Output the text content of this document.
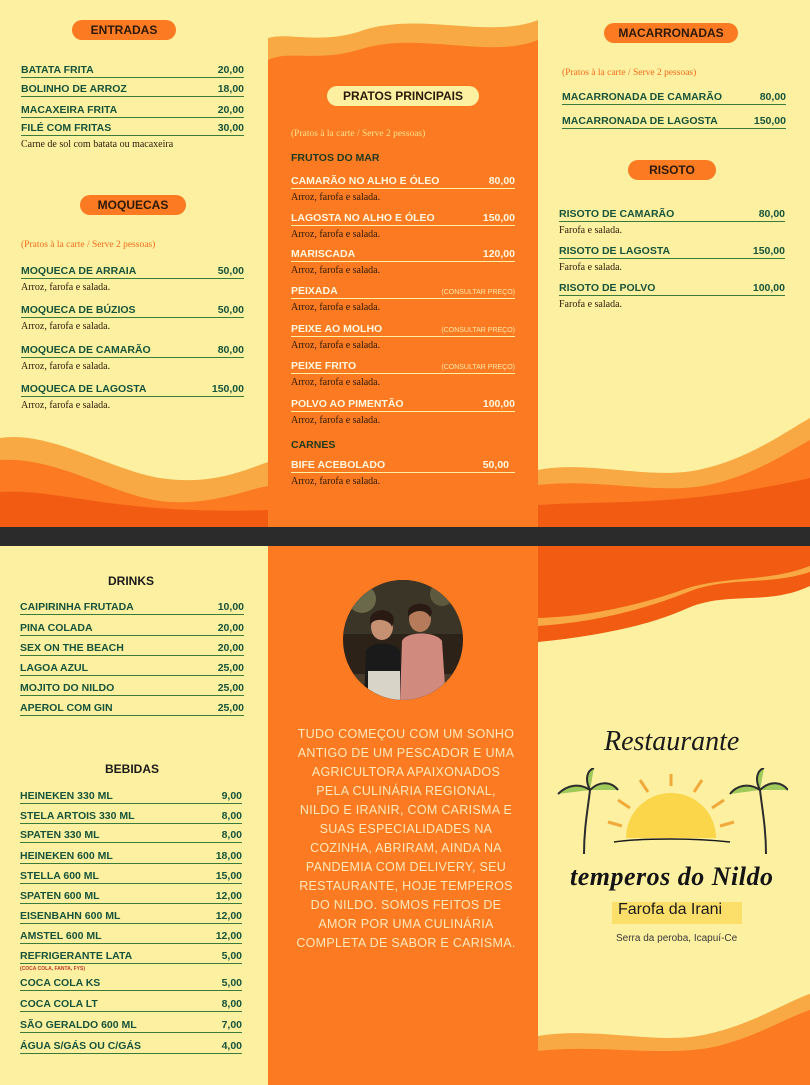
ENTRADAS
BATATA FRITA	20,00
BOLINHO DE ARROZ	18,00
MACAXEIRA FRITA	20,00
FILÉ COM FRITAS	30,00
Carne de sol com batata ou macaxeira
MOQUECAS
(Pratos à la carte / Serve 2 pessoas)
MOQUECA DE ARRAIA	50,00
Arroz, farofa e salada.
MOQUECA DE BÚZIOS	50,00
Arroz, farofa e salada.
MOQUECA DE CAMARÃO	80,00
Arroz, farofa e salada.
MOQUECA DE LAGOSTA	150,00
Arroz, farofa e salada.
PRATOS PRINCIPAIS
(Pratos à la carte / Serve 2 pessoas)
FRUTOS DO MAR
CAMARÃO NO ALHO E ÓLEO	80,00
Arroz, farofa e salada.
LAGOSTA NO ALHO E ÓLEO	150,00
Arroz, farofa e salada.
MARISCADA	120,00
Arroz, farofa e salada.
PEIXADA	(CONSULTAR PREÇO)
Arroz, farofa e salada.
PEIXE AO MOLHO	(CONSULTAR PREÇO)
Arroz, farofa e salada.
PEIXE FRITO	(CONSULTAR PREÇO)
Arroz, farofa e salada.
POLVO AO PIMENTÃO	100,00
Arroz, farofa e salada.
CARNES
BIFE ACEBOLADO	50,00
Arroz, farofa e salada.
MACARRONADAS
(Pratos à la carte / Serve 2 pessoas)
MACARRONADA DE CAMARÃO	80,00
MACARRONADA DE LAGOSTA	150,00
RISOTO
RISOTO DE CAMARÃO	80,00
Farofa e salada.
RISOTO DE LAGOSTA	150,00
Farofa e salada.
RISOTO DE POLVO	100,00
Farofa e salada.
DRINKS
CAIPIRINHA FRUTADA	10,00
PINA COLADA	20,00
SEX ON THE BEACH	20,00
LAGOA AZUL	25,00
MOJITO DO NILDO	25,00
APEROL COM GIN	25,00
BEBIDAS
HEINEKEN 330 ML	9,00
STELA ARTOIS 330 ML	8,00
SPATEN 330 ML	8,00
HEINEKEN 600 ML	18,00
STELLA 600 ML	15,00
SPATEN 600 ML	12,00
EISENBAHN 600 ML	12,00
AMSTEL 600 ML	12,00
REFRIGERANTE LATA	5,00
(COCA COLA, FANTA, FYS)
COCA COLA KS	5,00
COCA COLA LT	8,00
SÃO GERALDO 600 ML	7,00
ÁGUA S/GÁS OU C/GÁS	4,00
TUDO COMEÇOU COM UM SONHO ANTIGO DE UM PESCADOR E UMA AGRICULTORA APAIXONADOS PELA CULINÁRIA REGIONAL, NILDO E IRANIR, COM CARISMA E SUAS ESPECIALIDADES NA COZINHA, ABRIRAM, AINDA NA PANDEMIA COM DELIVERY, SEU RESTAURANTE, HOJE TEMPEROS DO NILDO. SOMOS FEITOS DE AMOR POR UMA CULINÁRIA COMPLETA DE SABOR E CARISMA.
Restaurante
temperos do Nildo
Farofa da Irani
Serra da peroba, Icapuí-Ce
